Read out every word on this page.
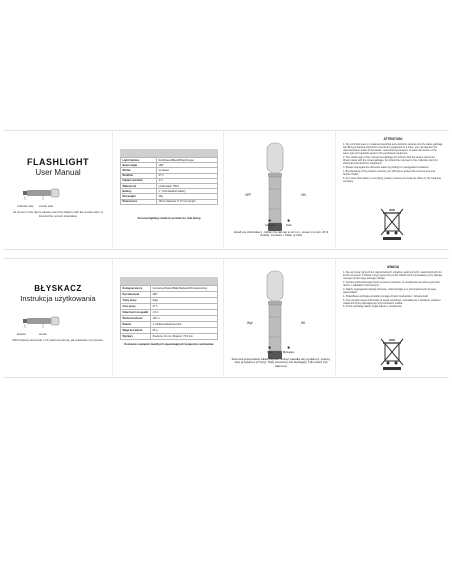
FLASHLIGHT
User Manual
Cathode side Anode side
As shown in the figure please insert the battery with the anode side (+) forward the correct orientation
Light Options	Red/Green/Blue/White/Orange
Beam angle	180°
Modes	Constant
Runtime	37 h
Impact resistant	1 m
Waterproof	Underwater 750m
Battery	1 * AAA Alkaline battery
Net weight	25g
Dimensions	16mm diameter X 73 mm length
Personal lighting solutions provider for safe diving
OFF	ON
✺	✸
Constant	Flash
Install one AAA battery , tighten the tail cap to turn on , loosen it to turn off (2 modes): Constant + Flash (1-2Hz)
ATTENTION!

1. Do not throw used or unwanted electrical and electronic devices into the waste garbage can.Bring unwanted electrical or electronic equipment to a store, you can dispose the used electronic waste of the dealer, remembering however, to leave the device of the same type and quantity equal to the purchased equipment.

2. The visible sign of the crossed out garbage bin informs that the device cannot be thrown away with the mixed garbage, but should be returned to the collection point for electrical and electronic equipment.

3. Please segregate the domestic waste by putting it to designated containers.

4. By disposing of the product correctly you will help to protect the environment and human health.

5. For more information on recycling, please contact your local city office or city Cleaning company.

BŁYSKACZ
Instrukcja użytkowania
katoda	anoda
Włóż baterię stosownie z ich włożoną stroną, jak pokazano na rysunku.
Dostępne kolory	Czerwony/Zielony/Biały/Niebieski/Pomarańczowy
Kąt świecenia	180°
Tryby pracy	Stały
Czas pracy	37 h
Odporność na upadki	1,5 m
Wodoszczelność	100 m
Baterie	1 x Bateria Alkaiczna AAA
Waga bez baterii	25 g
Wymiary	Średnica: 16 mm; Długość: 73,5 mm
Dostawca rozwiązań świetlnych zapewniających bezpieczne nurkowanie
Wył.	Wł.
✺	✸
Stałe	Błyskające
Zamontuj jedną baterię Alkaiczną AAA, dokręć nasadkę aby ją włączyć, poluzuj, żeby ją wyłączyć (2 tryby): Stały (czerwony) lub błyskający. Tylko jeden tryb włączony!
UWAGA

1. Nie wyrzucaj zużytych lub niepotrzebnych urządzeń elektrycznych i elektronicznych do kosza na śmieci. Przekaż zużyty sprzęt do punktu zbiórki lub do sprzedawcy przy zakupie nowego sprzętu tego samego rodzaju.

2. Symbol przekreślonego kosza na śmieci oznacza, że urządzenia nie wolno wyrzucać razem z odpadami zmieszanymi.

3. Należy segregować odpady domowe, umieszczając je w przeznaczonych do tego pojemnikach.

4. Prawidłowa utylizacja produktu pomaga chronić środowisko i zdrowie ludzi.

5. Aby uzyskać więcej informacji na temat recyklingu, skontaktuj się z lokalnym urzędem miasta lub firmą zajmującą się oczyszczaniem miasta.

6. Przed utylizacją należy wyjąć baterie z urządzenia.
